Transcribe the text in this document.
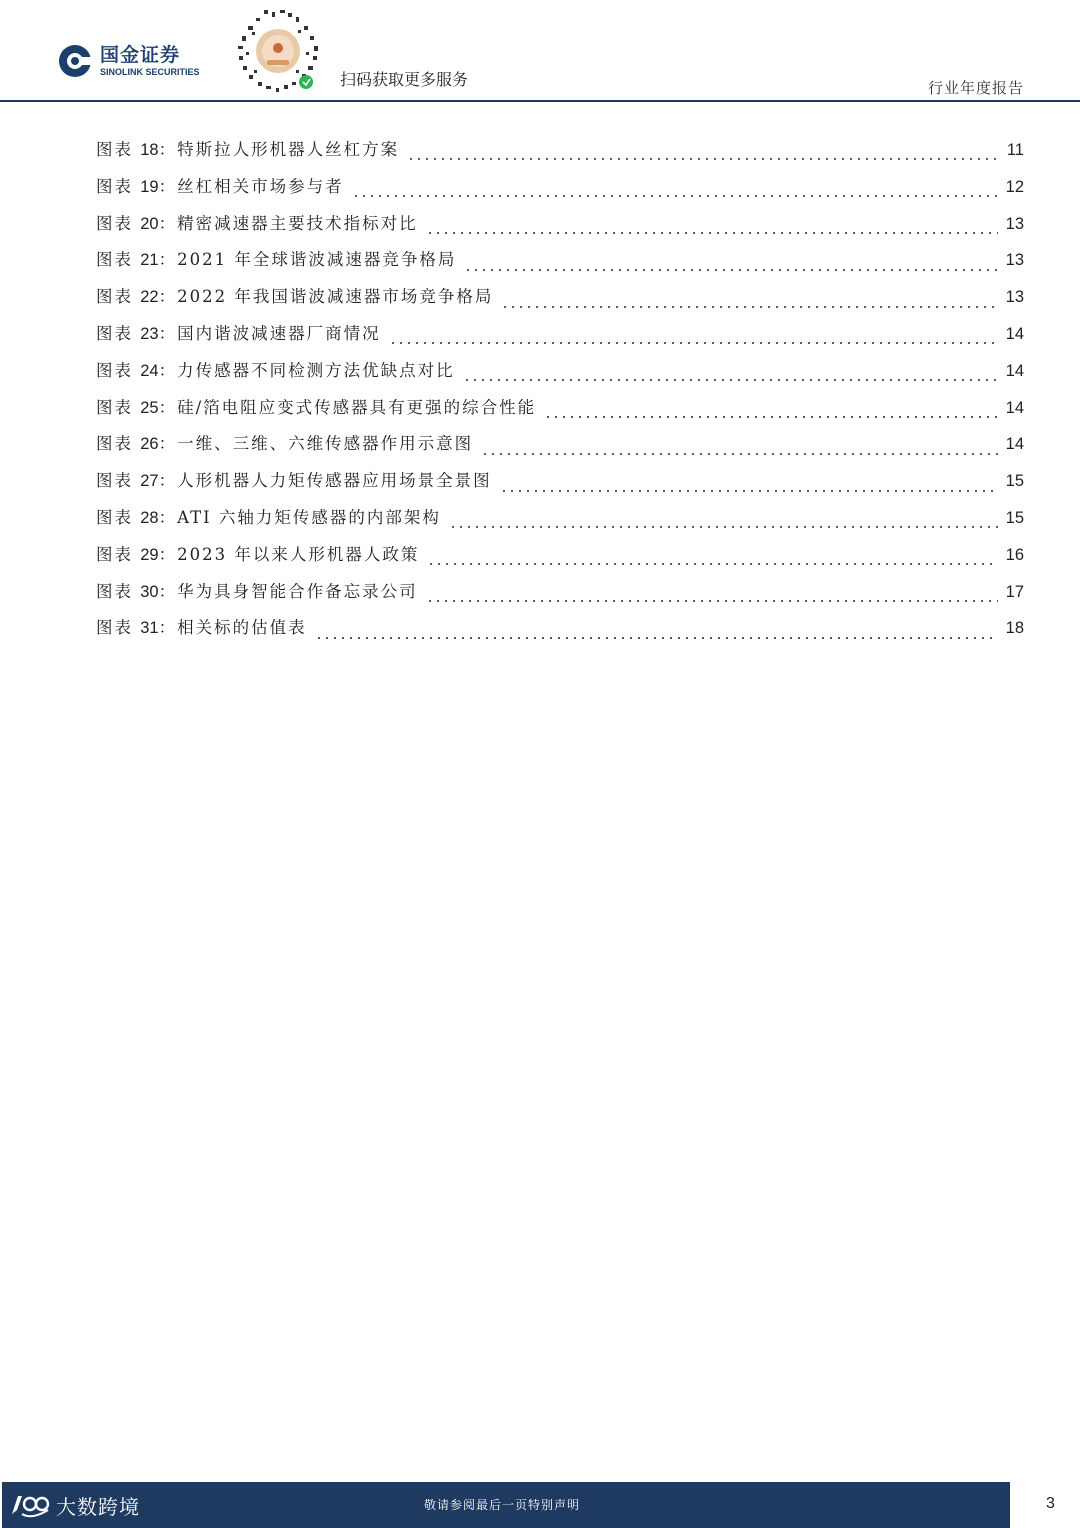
国金证券
SINOLINK SECURITIES	扫码获取更多服务	行业年度报告
图表 18：特斯拉人形机器人丝杠方案	11
图表 19：丝杠相关市场参与者	12
图表 20：精密减速器主要技术指标对比	13
图表 21：2021 年全球谐波减速器竞争格局	13
图表 22：2022 年我国谐波减速器市场竞争格局	13
图表 23：国内谐波减速器厂商情况	14
图表 24：力传感器不同检测方法优缺点对比	14
图表 25：硅/箔电阻应变式传感器具有更强的综合性能	14
图表 26：一维、三维、六维传感器作用示意图	14
图表 27：人形机器人力矩传感器应用场景全景图	15
图表 28：ATI 六轴力矩传感器的内部架构	15
图表 29：2023 年以来人形机器人政策	16
图表 30：华为具身智能合作备忘录公司	17
图表 31：相关标的估值表	18
大数跨境	敬请参阅最后一页特别声明	3
